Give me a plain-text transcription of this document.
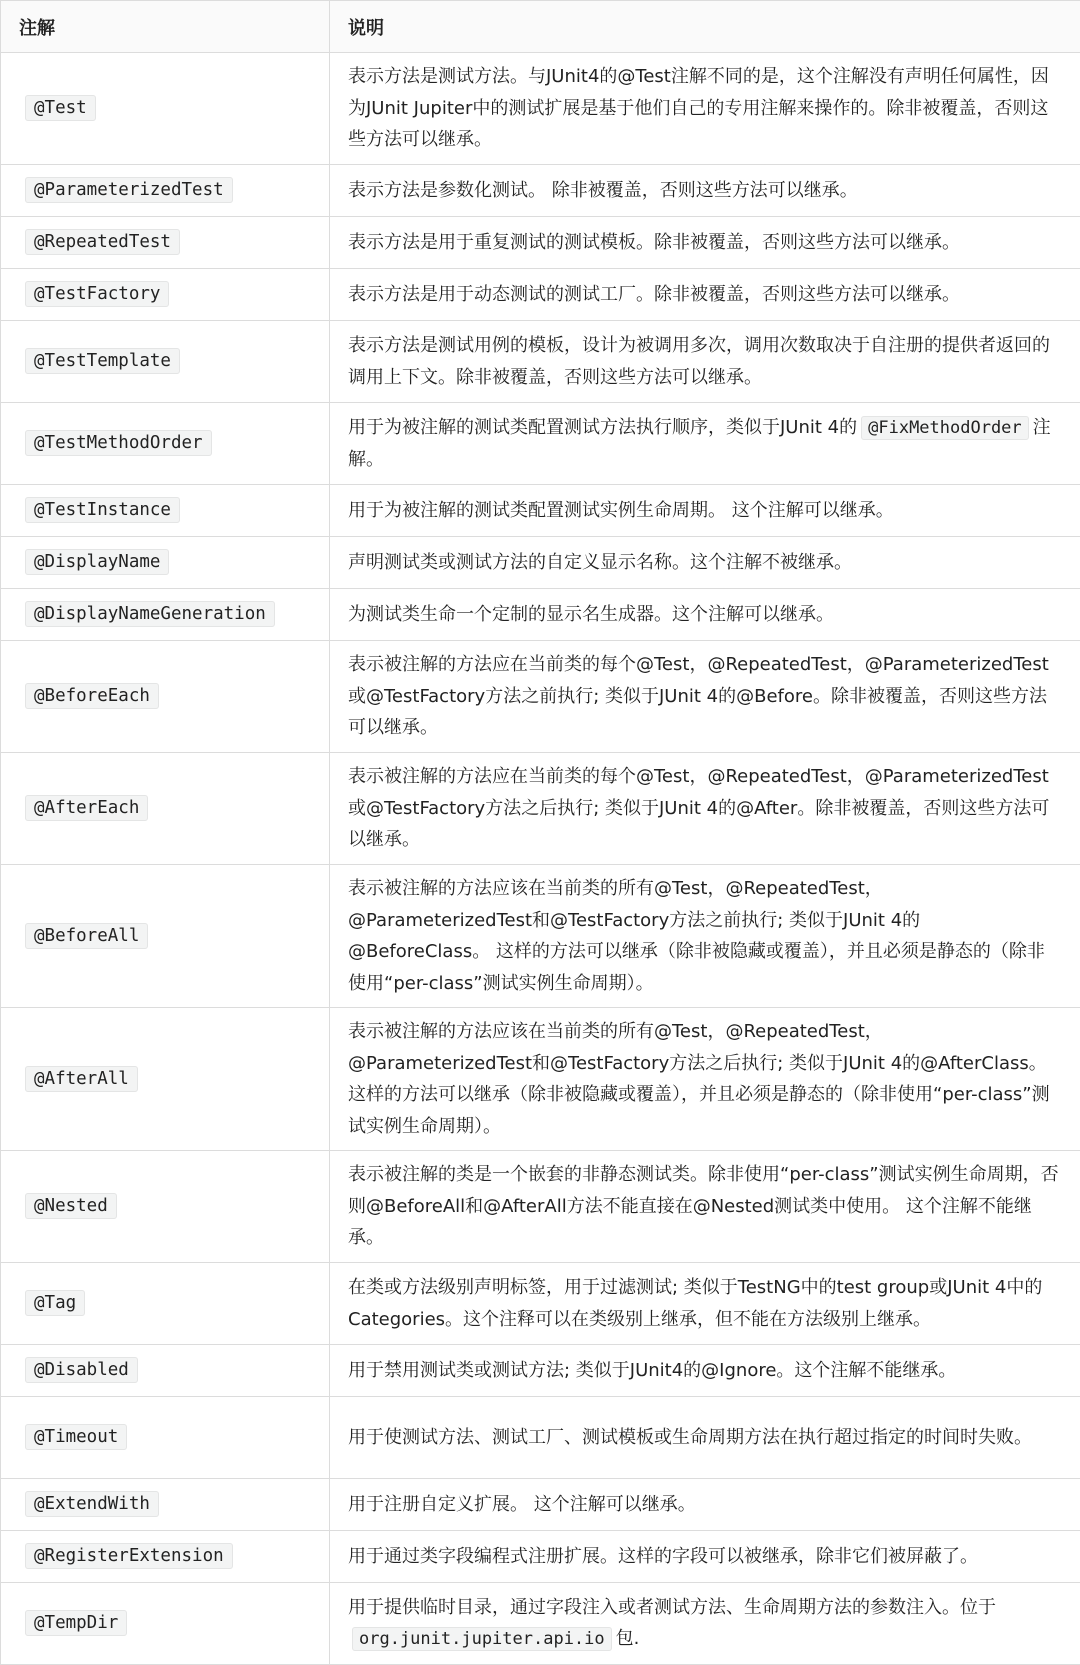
注解	说明
@Test	表示方法是测试方法。与JUnit4的@Test注解不同的是，这个注解没有声明任何属性，因为JUnit Jupiter中的测试扩展是基于他们自己的专用注解来操作的。除非被覆盖，否则这些方法可以继承。
@ParameterizedTest	表示方法是参数化测试。 除非被覆盖，否则这些方法可以继承。
@RepeatedTest	表示方法是用于重复测试的测试模板。除非被覆盖，否则这些方法可以继承。
@TestFactory	表示方法是用于动态测试的测试工厂。除非被覆盖，否则这些方法可以继承。
@TestTemplate	表示方法是测试用例的模板，设计为被调用多次，调用次数取决于自注册的提供者返回的调用上下文。除非被覆盖，否则这些方法可以继承。
@TestMethodOrder	用于为被注解的测试类配置测试方法执行顺序，类似于JUnit 4的 @FixMethodOrder 注解。
@TestInstance	用于为被注解的测试类配置测试实例生命周期。 这个注解可以继承。
@DisplayName	声明测试类或测试方法的自定义显示名称。这个注解不被继承。
@DisplayNameGeneration	为测试类生命一个定制的显示名生成器。这个注解可以继承。
@BeforeEach	表示被注解的方法应在当前类的每个@Test，@RepeatedTest，@ParameterizedTest或@TestFactory方法之前执行; 类似于JUnit 4的@Before。除非被覆盖，否则这些方法可以继承。
@AfterEach	表示被注解的方法应在当前类的每个@Test，@RepeatedTest，@ParameterizedTest或@TestFactory方法之后执行; 类似于JUnit 4的@After。除非被覆盖，否则这些方法可以继承。
@BeforeAll	表示被注解的方法应该在当前类的所有@Test，@RepeatedTest，@ParameterizedTest和@TestFactory方法之前执行; 类似于JUnit 4的@BeforeClass。 这样的方法可以继承（除非被隐藏或覆盖），并且必须是静态的（除非使用“per-class”测试实例生命周期）。
@AfterAll	表示被注解的方法应该在当前类的所有@Test，@RepeatedTest，@ParameterizedTest和@TestFactory方法之后执行; 类似于JUnit 4的@AfterClass。 这样的方法可以继承（除非被隐藏或覆盖），并且必须是静态的（除非使用“per-class”测试实例生命周期）。
@Nested	表示被注解的类是一个嵌套的非静态测试类。除非使用“per-class”测试实例生命周期，否则@BeforeAll和@AfterAll方法不能直接在@Nested测试类中使用。 这个注解不能继承。
@Tag	在类或方法级别声明标签，用于过滤测试; 类似于TestNG中的test group或JUnit 4中的Categories。这个注释可以在类级别上继承，但不能在方法级别上继承。
@Disabled	用于禁用测试类或测试方法; 类似于JUnit4的@Ignore。这个注解不能继承。
@Timeout	用于使测试方法、测试工厂、测试模板或生命周期方法在执行超过指定的时间时失败。
@ExtendWith	用于注册自定义扩展。 这个注解可以继承。
@RegisterExtension	用于通过类字段编程式注册扩展。这样的字段可以被继承，除非它们被屏蔽了。
@TempDir	用于提供临时目录，通过字段注入或者测试方法、生命周期方法的参数注入。位于org.junit.jupiter.api.io 包.
